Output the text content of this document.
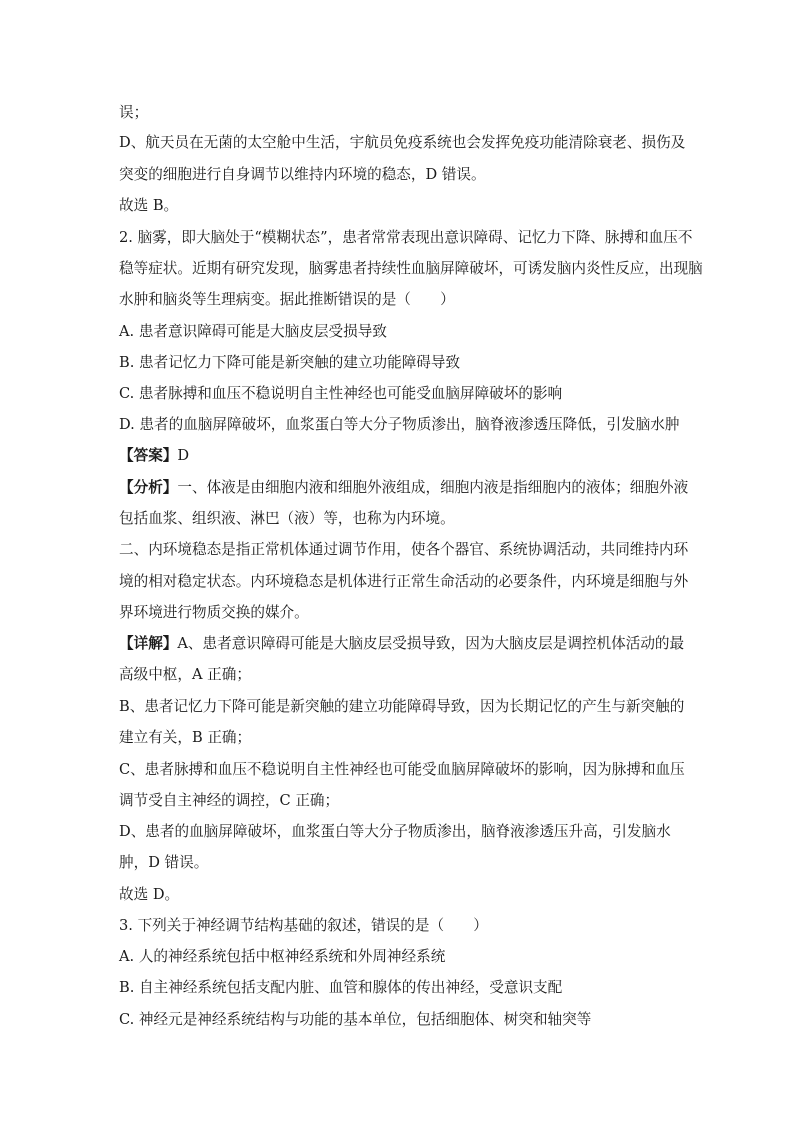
误；
D、航天员在无菌的太空舱中生活，宇航员免疫系统也会发挥免疫功能清除衰老、损伤及
突变的细胞进行自身调节以维持内环境的稳态，D 错误。
故选 B。
2. 脑雾，即大脑处于“模糊状态”，患者常常表现出意识障碍、记忆力下降、脉搏和血压不
稳等症状。近期有研究发现，脑雾患者持续性血脑屏障破坏，可诱发脑内炎性反应，出现脑
水肿和脑炎等生理病变。据此推断错误的是（　　）
A. 患者意识障碍可能是大脑皮层受损导致
B. 患者记忆力下降可能是新突触的建立功能障碍导致
C. 患者脉搏和血压不稳说明自主性神经也可能受血脑屏障破坏的影响
D. 患者的血脑屏障破坏，血浆蛋白等大分子物质渗出，脑脊液渗透压降低，引发脑水肿
【答案】D
【分析】一、体液是由细胞内液和细胞外液组成，细胞内液是指细胞内的液体；细胞外液
包括血浆、组织液、淋巴（液）等，也称为内环境。
二、内环境稳态是指正常机体通过调节作用，使各个器官、系统协调活动，共同维持内环
境的相对稳定状态。内环境稳态是机体进行正常生命活动的必要条件，内环境是细胞与外
界环境进行物质交换的媒介。
【详解】A、患者意识障碍可能是大脑皮层受损导致，因为大脑皮层是调控机体活动的最
高级中枢，A 正确；
B、患者记忆力下降可能是新突触的建立功能障碍导致，因为长期记忆的产生与新突触的
建立有关，B 正确；
C、患者脉搏和血压不稳说明自主性神经也可能受血脑屏障破坏的影响，因为脉搏和血压
调节受自主神经的调控，C 正确；
D、患者的血脑屏障破坏，血浆蛋白等大分子物质渗出，脑脊液渗透压升高，引发脑水
肿，D 错误。
故选 D。
3. 下列关于神经调节结构基础的叙述，错误的是（　　）
A. 人的神经系统包括中枢神经系统和外周神经系统
B. 自主神经系统包括支配内脏、血管和腺体的传出神经，受意识支配
C. 神经元是神经系统结构与功能的基本单位，包括细胞体、树突和轴突等
